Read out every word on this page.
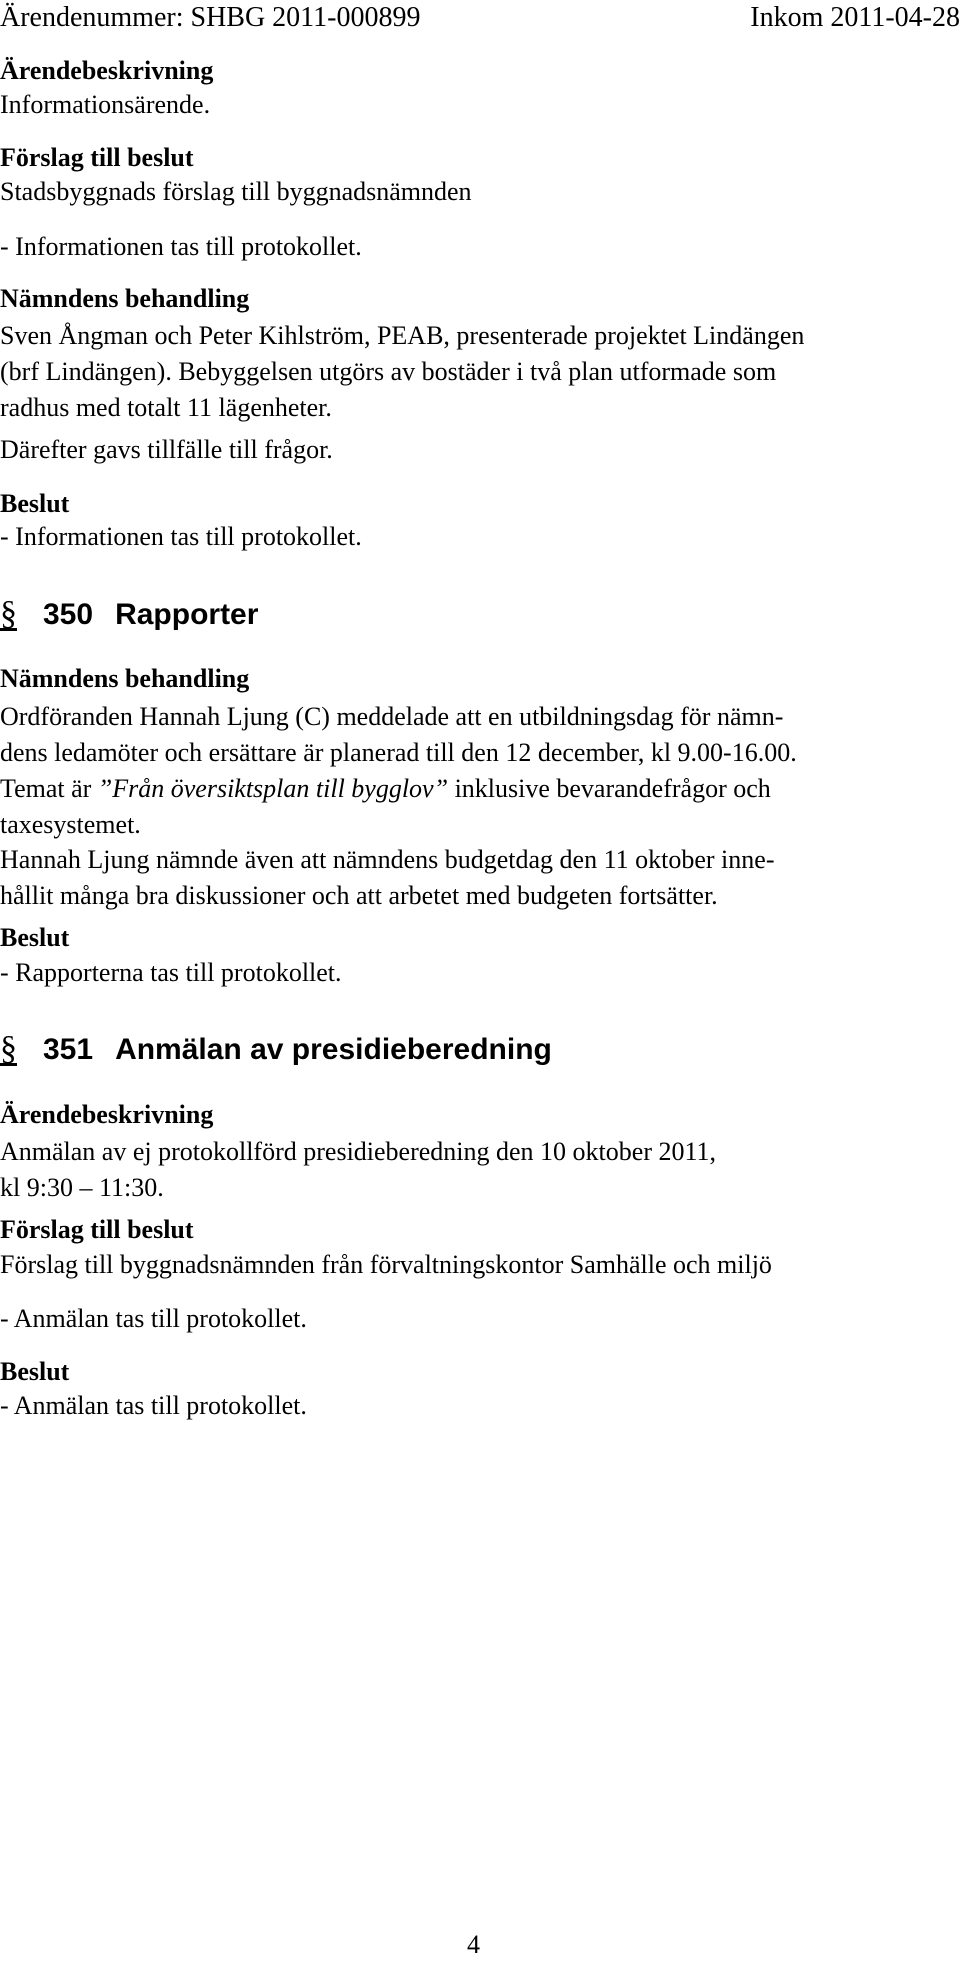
Ärendenummer: SHBG 2011-000899	Inkom 2011-04-28
Ärendebeskrivning
Informationsärende.
Förslag till beslut
Stadsbyggnads förslag till byggnadsnämnden
- Informationen tas till protokollet.
Nämndens behandling
Sven Ångman och Peter Kihlström, PEAB, presenterade projektet Lindängen
(brf Lindängen). Bebyggelsen utgörs av bostäder i två plan utformade som
radhus med totalt 11 lägenheter.
Därefter gavs tillfälle till frågor.
Beslut
- Informationen tas till protokollet.
§ 350 Rapporter
Nämndens behandling
Ordföranden Hannah Ljung (C) meddelade att en utbildningsdag för nämn-
dens ledamöter och ersättare är planerad till den 12 december, kl 9.00-16.00.
Temat är ”Från översiktsplan till bygglov” inklusive bevarandefrågor och
taxesystemet.
Hannah Ljung nämnde även att nämndens budgetdag den 11 oktober inne-
hållit många bra diskussioner och att arbetet med budgeten fortsätter.
Beslut
- Rapporterna tas till protokollet.
§ 351 Anmälan av presidieberedning
Ärendebeskrivning
Anmälan av ej protokollförd presidieberedning den 10 oktober 2011,
kl 9:30 – 11:30.
Förslag till beslut
Förslag till byggnadsnämnden från förvaltningskontor Samhälle och miljö
- Anmälan tas till protokollet.
Beslut
- Anmälan tas till protokollet.
4
